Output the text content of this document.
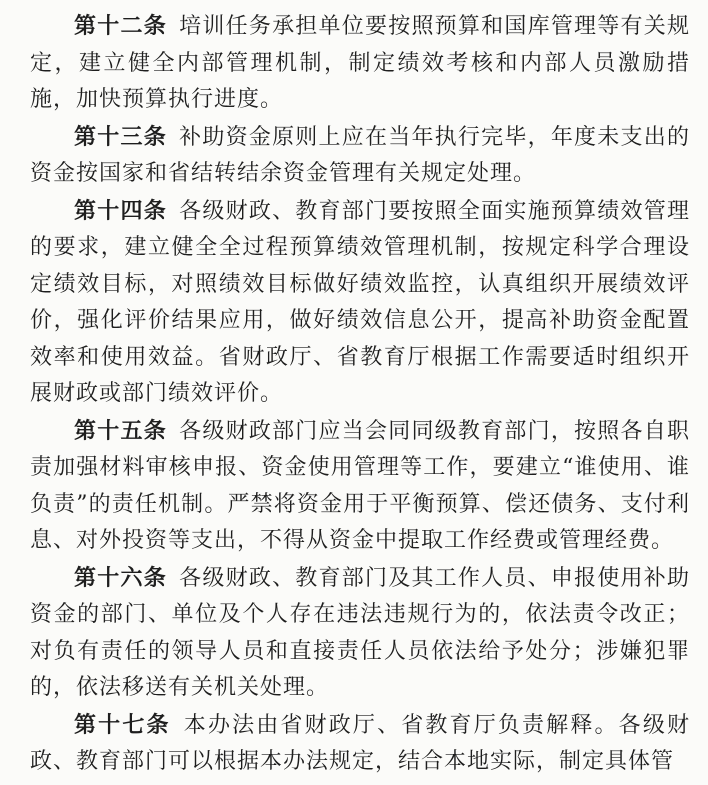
第十二条  培训任务承担单位要按照预算和国库管理等有关规定，建立健全内部管理机制，制定绩效考核和内部人员激励措施，加快预算执行进度。

第十三条  补助资金原则上应在当年执行完毕，年度未支出的资金按国家和省结转结余资金管理有关规定处理。

第十四条  各级财政、教育部门要按照全面实施预算绩效管理的要求，建立健全全过程预算绩效管理机制，按规定科学合理设定绩效目标，对照绩效目标做好绩效监控，认真组织开展绩效评价，强化评价结果应用，做好绩效信息公开，提高补助资金配置效率和使用效益。省财政厅、省教育厅根据工作需要适时组织开展财政或部门绩效评价。

第十五条  各级财政部门应当会同同级教育部门，按照各自职责加强材料审核申报、资金使用管理等工作，要建立“谁使用、谁负责”的责任机制。严禁将资金用于平衡预算、偿还债务、支付利息、对外投资等支出，不得从资金中提取工作经费或管理经费。

第十六条  各级财政、教育部门及其工作人员、申报使用补助资金的部门、单位及个人存在违法违规行为的，依法责令改正；对负有责任的领导人员和直接责任人员依法给予处分；涉嫌犯罪的，依法移送有关机关处理。

第十七条  本办法由省财政厅、省教育厅负责解释。各级财政、教育部门可以根据本办法规定，结合本地实际，制定具体管
